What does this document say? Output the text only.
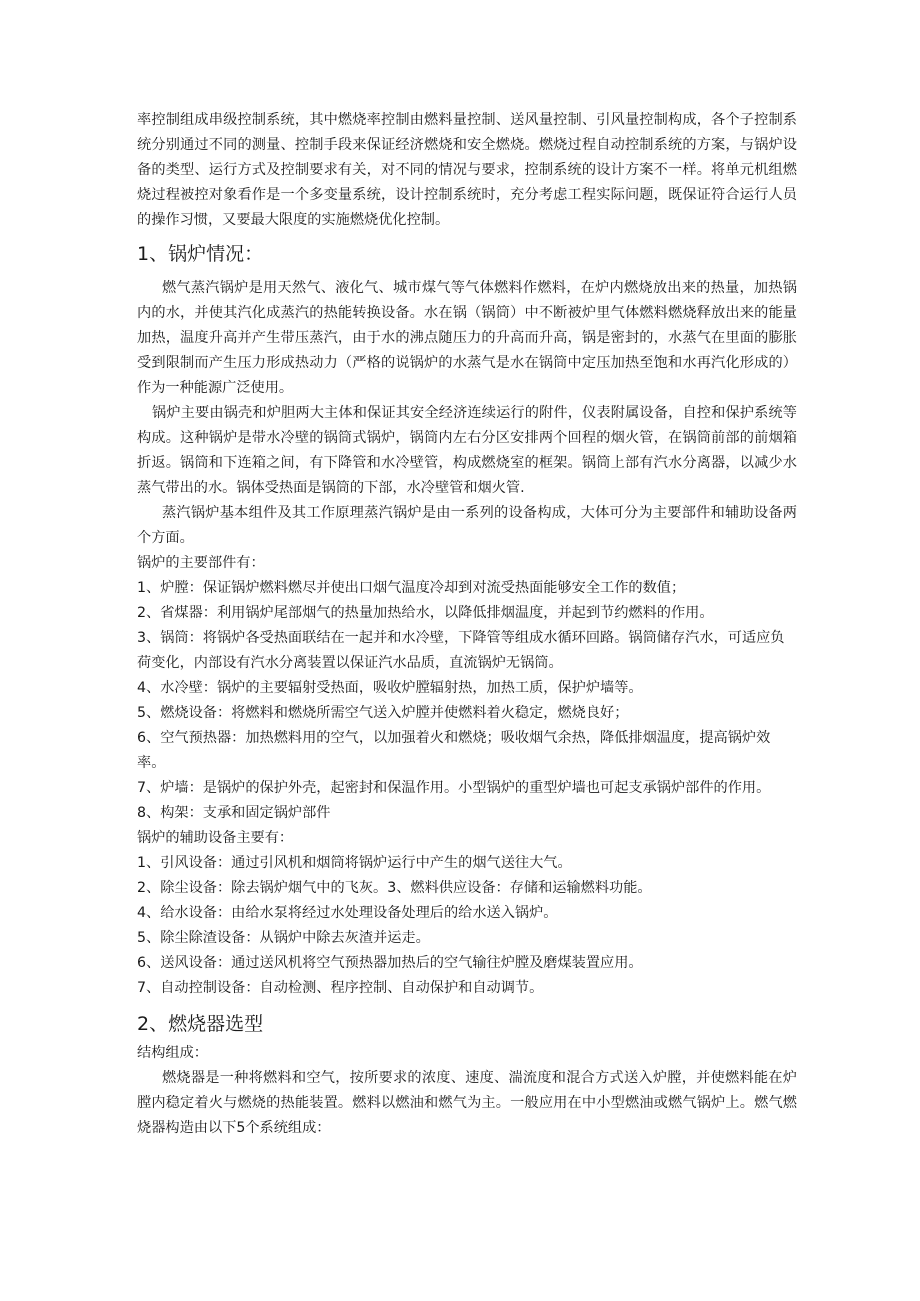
率控制组成串级控制系统，其中燃烧率控制由燃料量控制、送风量控制、引风量控制构成，各个子控制系统分别通过不同的测量、控制手段来保证经济燃烧和安全燃烧。燃烧过程自动控制系统的方案，与锅炉设备的类型、运行方式及控制要求有关，对不同的情况与要求，控制系统的设计方案不一样。将单元机组燃烧过程被控对象看作是一个多变量系统，设计控制系统时，充分考虑工程实际问题，既保证符合运行人员的操作习惯，又要最大限度的实施燃烧优化控制。

1、锅炉情况：

燃气蒸汽锅炉是用天然气、液化气、城市煤气等气体燃料作燃料，在炉内燃烧放出来的热量，加热锅内的水，并使其汽化成蒸汽的热能转换设备。水在锅（锅筒）中不断被炉里气体燃料燃烧释放出来的能量加热，温度升高并产生带压蒸汽，由于水的沸点随压力的升高而升高，锅是密封的，水蒸气在里面的膨胀受到限制而产生压力形成热动力（严格的说锅炉的水蒸气是水在锅筒中定压加热至饱和水再汽化形成的）作为一种能源广泛使用。

锅炉主要由锅壳和炉胆两大主体和保证其安全经济连续运行的附件，仪表附属设备，自控和保护系统等构成。这种锅炉是带水冷壁的锅筒式锅炉，锅筒内左右分区安排两个回程的烟火管，在锅筒前部的前烟箱折返。锅筒和下连箱之间，有下降管和水冷壁管，构成燃烧室的框架。锅筒上部有汽水分离器，以减少水蒸气带出的水。锅体受热面是锅筒的下部，水冷壁管和烟火管.

蒸汽锅炉基本组件及其工作原理蒸汽锅炉是由一系列的设备构成，大体可分为主要部件和辅助设备两个方面。

锅炉的主要部件有：

1、炉膛：保证锅炉燃料燃尽并使出口烟气温度冷却到对流受热面能够安全工作的数值；

2、省煤器：利用锅炉尾部烟气的热量加热给水，以降低排烟温度，并起到节约燃料的作用。

3、锅筒：将锅炉各受热面联结在一起并和水冷壁，下降管等组成水循环回路。锅筒储存汽水，可适应负荷变化，内部设有汽水分离装置以保证汽水品质，直流锅炉无锅筒。

4、水冷壁：锅炉的主要辐射受热面，吸收炉膛辐射热，加热工质，保护炉墙等。

5、燃烧设备：将燃料和燃烧所需空气送入炉膛并使燃料着火稳定，燃烧良好；

6、空气预热器：加热燃料用的空气，以加强着火和燃烧；吸收烟气余热，降低排烟温度，提高锅炉效率。

7、炉墙：是锅炉的保护外壳，起密封和保温作用。小型锅炉的重型炉墙也可起支承锅炉部件的作用。

8、构架：支承和固定锅炉部件

锅炉的辅助设备主要有：

1、引风设备：通过引风机和烟筒将锅炉运行中产生的烟气送往大气。

2、除尘设备：除去锅炉烟气中的飞灰。3、燃料供应设备：存储和运输燃料功能。

4、给水设备：由给水泵将经过水处理设备处理后的给水送入锅炉。

5、除尘除渣设备：从锅炉中除去灰渣并运走。

6、送风设备：通过送风机将空气预热器加热后的空气输往炉膛及磨煤装置应用。

7、自动控制设备：自动检测、程序控制、自动保护和自动调节。

2、燃烧器选型

结构组成：

燃烧器是一种将燃料和空气，按所要求的浓度、速度、湍流度和混合方式送入炉膛，并使燃料能在炉膛内稳定着火与燃烧的热能装置。燃料以燃油和燃气为主。一般应用在中小型燃油或燃气锅炉上。燃气燃烧器构造由以下5个系统组成：
